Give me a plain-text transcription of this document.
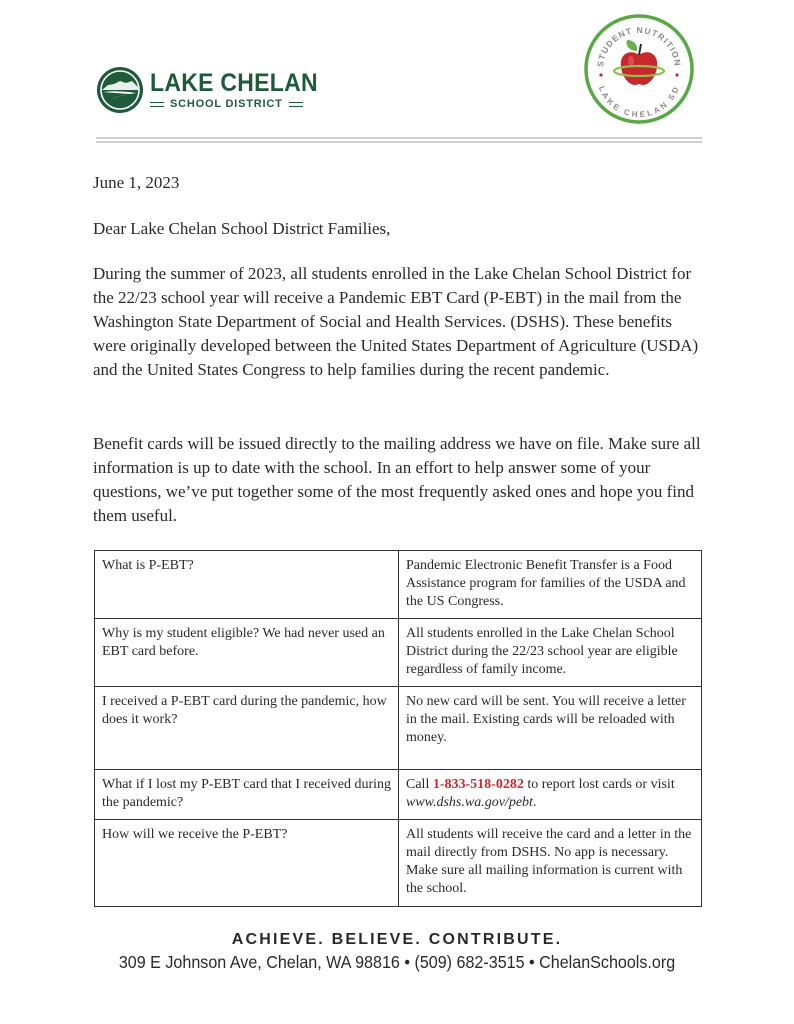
LAKE CHELAN
SCHOOL DISTRICT
STUDENT NUTRITION
LAKE CHELAN SD
June 1, 2023
Dear Lake Chelan School District Families,
During the summer of 2023, all students enrolled in the Lake Chelan School District for the 22/23 school year will receive a Pandemic EBT Card (P-EBT) in the mail from the Washington State Department of Social and Health Services. (DSHS). These benefits were originally developed between the United States Department of Agriculture (USDA) and the United States Congress to help families during the recent pandemic.
Benefit cards will be issued directly to the mailing address we have on file. Make sure all information is up to date with the school. In an effort to help answer some of your questions, we’ve put together some of the most frequently asked ones and hope you find them useful.
What is P-EBT?	Pandemic Electronic Benefit Transfer is a Food Assistance program for families of the USDA and the US Congress.
Why is my student eligible? We had never used an EBT card before.	All students enrolled in the Lake Chelan School District during the 22/23 school year are eligible regardless of family income.
I received a P-EBT card during the pandemic, how does it work?	No new card will be sent. You will receive a letter in the mail. Existing cards will be reloaded with money.
What if I lost my P-EBT card that I received during the pandemic?	Call 1-833-518-0282 to report lost cards or visit www.dshs.wa.gov/pebt.
How will we receive the P-EBT?	All students will receive the card and a letter in the mail directly from DSHS. No app is necessary. Make sure all mailing information is current with the school.
ACHIEVE. BELIEVE. CONTRIBUTE.
309 E Johnson Ave, Chelan, WA 98816 • (509) 682-3515 • ChelanSchools.org
